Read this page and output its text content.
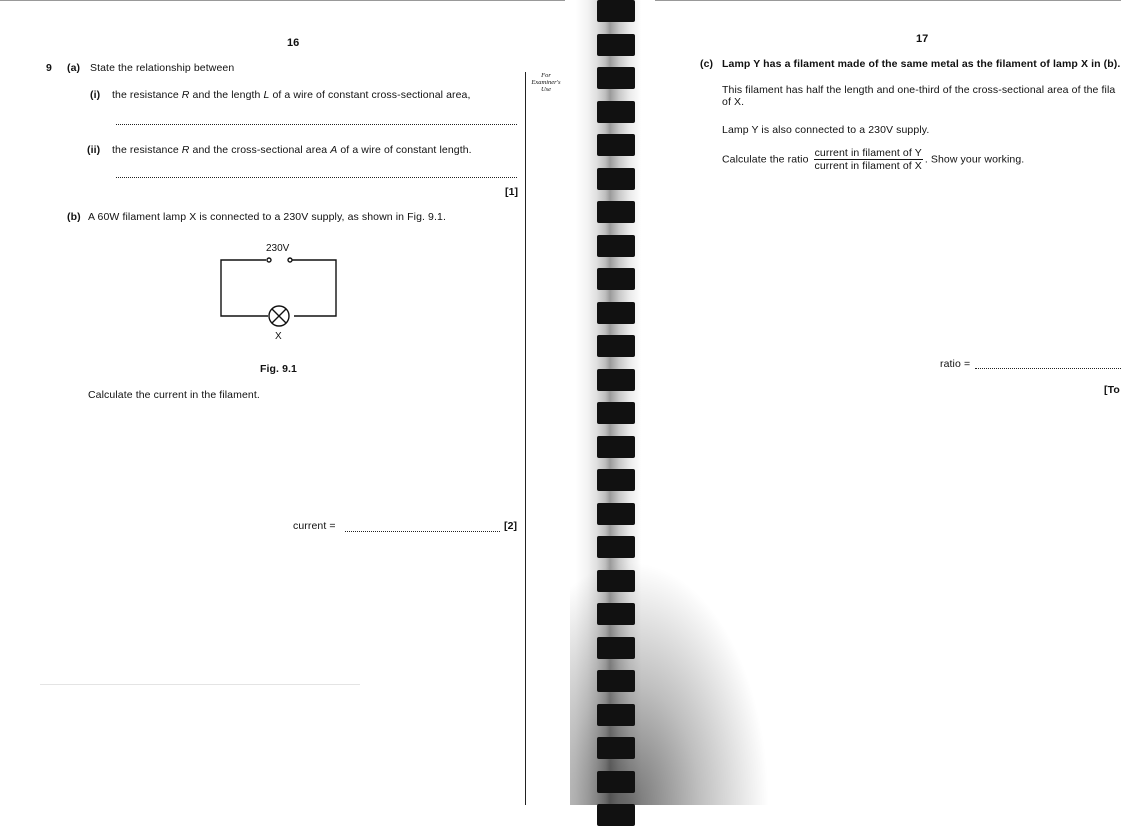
16
9 (a) State the relationship between
(i) the resistance R and the length L of a wire of constant cross-sectional area,
(ii) the resistance R and the cross-sectional area A of a wire of constant length.
[1]
(b) A 60W filament lamp X is connected to a 230V supply, as shown in Fig. 9.1.
230V
X
Fig. 9.1
Calculate the current in the filament.
current =	[2]
For
Examiner's
Use
17
(c) Lamp Y has a filament made of the same metal as the filament of lamp X in (b).
This filament has half the length and one-third of the cross-sectional area of the fila
of X.
Lamp Y is also connected to a 230V supply.
Calculate the ratio $\frac{\text{current in filament of Y}}{\text{current in filament of X}}$ . Show your working.
ratio =
[To
